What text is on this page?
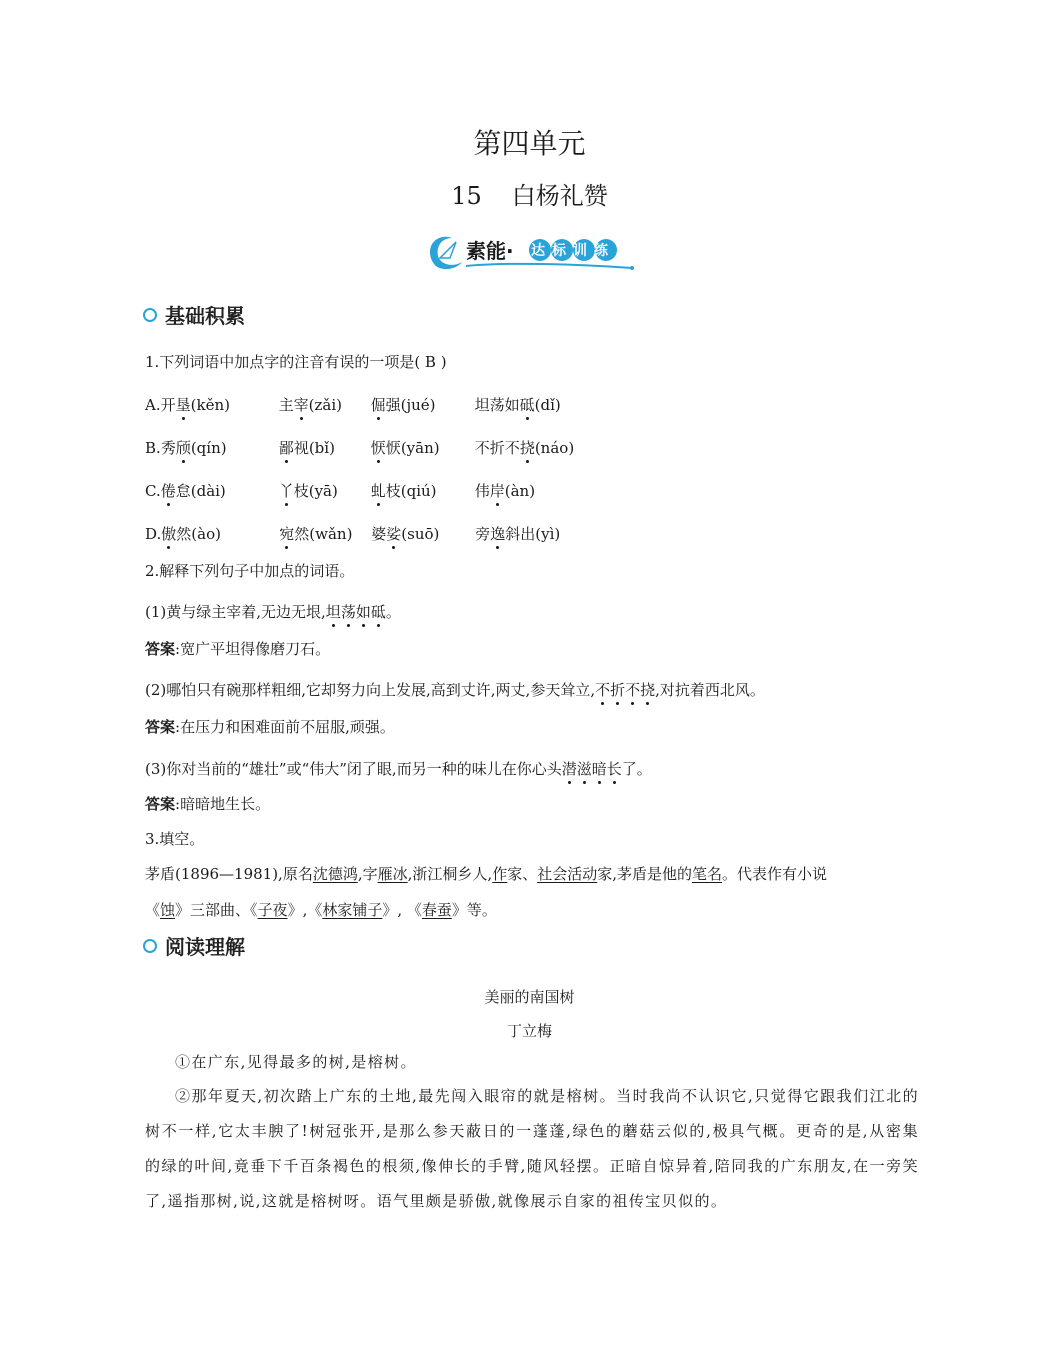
第四单元
15 白杨礼赞
素能· 达标训练
基础积累
1.下列词语中加点字的注音有误的一项是( B )
A.开垦(kěn)	主宰(zǎi) 倔强(jué)	坦荡如砥(dǐ)
B.秀颀(qín)	鄙视(bǐ) 恹恹(yān) 不折不挠(náo)
C.倦怠(dài)	丫枝(yā) 虬枝(qiú)	伟岸(àn)
D.傲然(ào)	宛然(wǎn) 婆娑(suō) 旁逸斜出(yì)
2.解释下列句子中加点的词语。
(1)黄与绿主宰着,无边无垠,坦荡如砥。
答案:宽广平坦得像磨刀石。
(2)哪怕只有碗那样粗细,它却努力向上发展,高到丈许,两丈,参天耸立,不折不挠,对抗着西北风。
答案:在压力和困难面前不屈服,顽强。
(3)你对当前的“雄壮”或“伟大”闭了眼,而另一种的味儿在你心头潜滋暗长了。
答案:暗暗地生长。
3.填空。
茅盾(1896—1981),原名沈德鸿,字雁冰,浙江桐乡人,作家、社会活动家,茅盾是他的笔名。代表作有小说
《蚀》三部曲、《子夜》,《林家铺子》, 《春蚕》等。
阅读理解
美丽的南国树
丁立梅
①在广东,见得最多的树,是榕树。
②那年夏天,初次踏上广东的土地,最先闯入眼帘的就是榕树。当时我尚不认识它,只觉得它跟我们江北的树不一样,它太丰腴了!树冠张开,是那么参天蔽日的一蓬蓬,绿色的蘑菇云似的,极具气概。更奇的是,从密集的绿的叶间,竟垂下千百条褐色的根须,像伸长的手臂,随风轻摆。正暗自惊异着,陪同我的广东朋友,在一旁笑了,遥指那树,说,这就是榕树呀。语气里颇是骄傲,就像展示自家的祖传宝贝似的。
